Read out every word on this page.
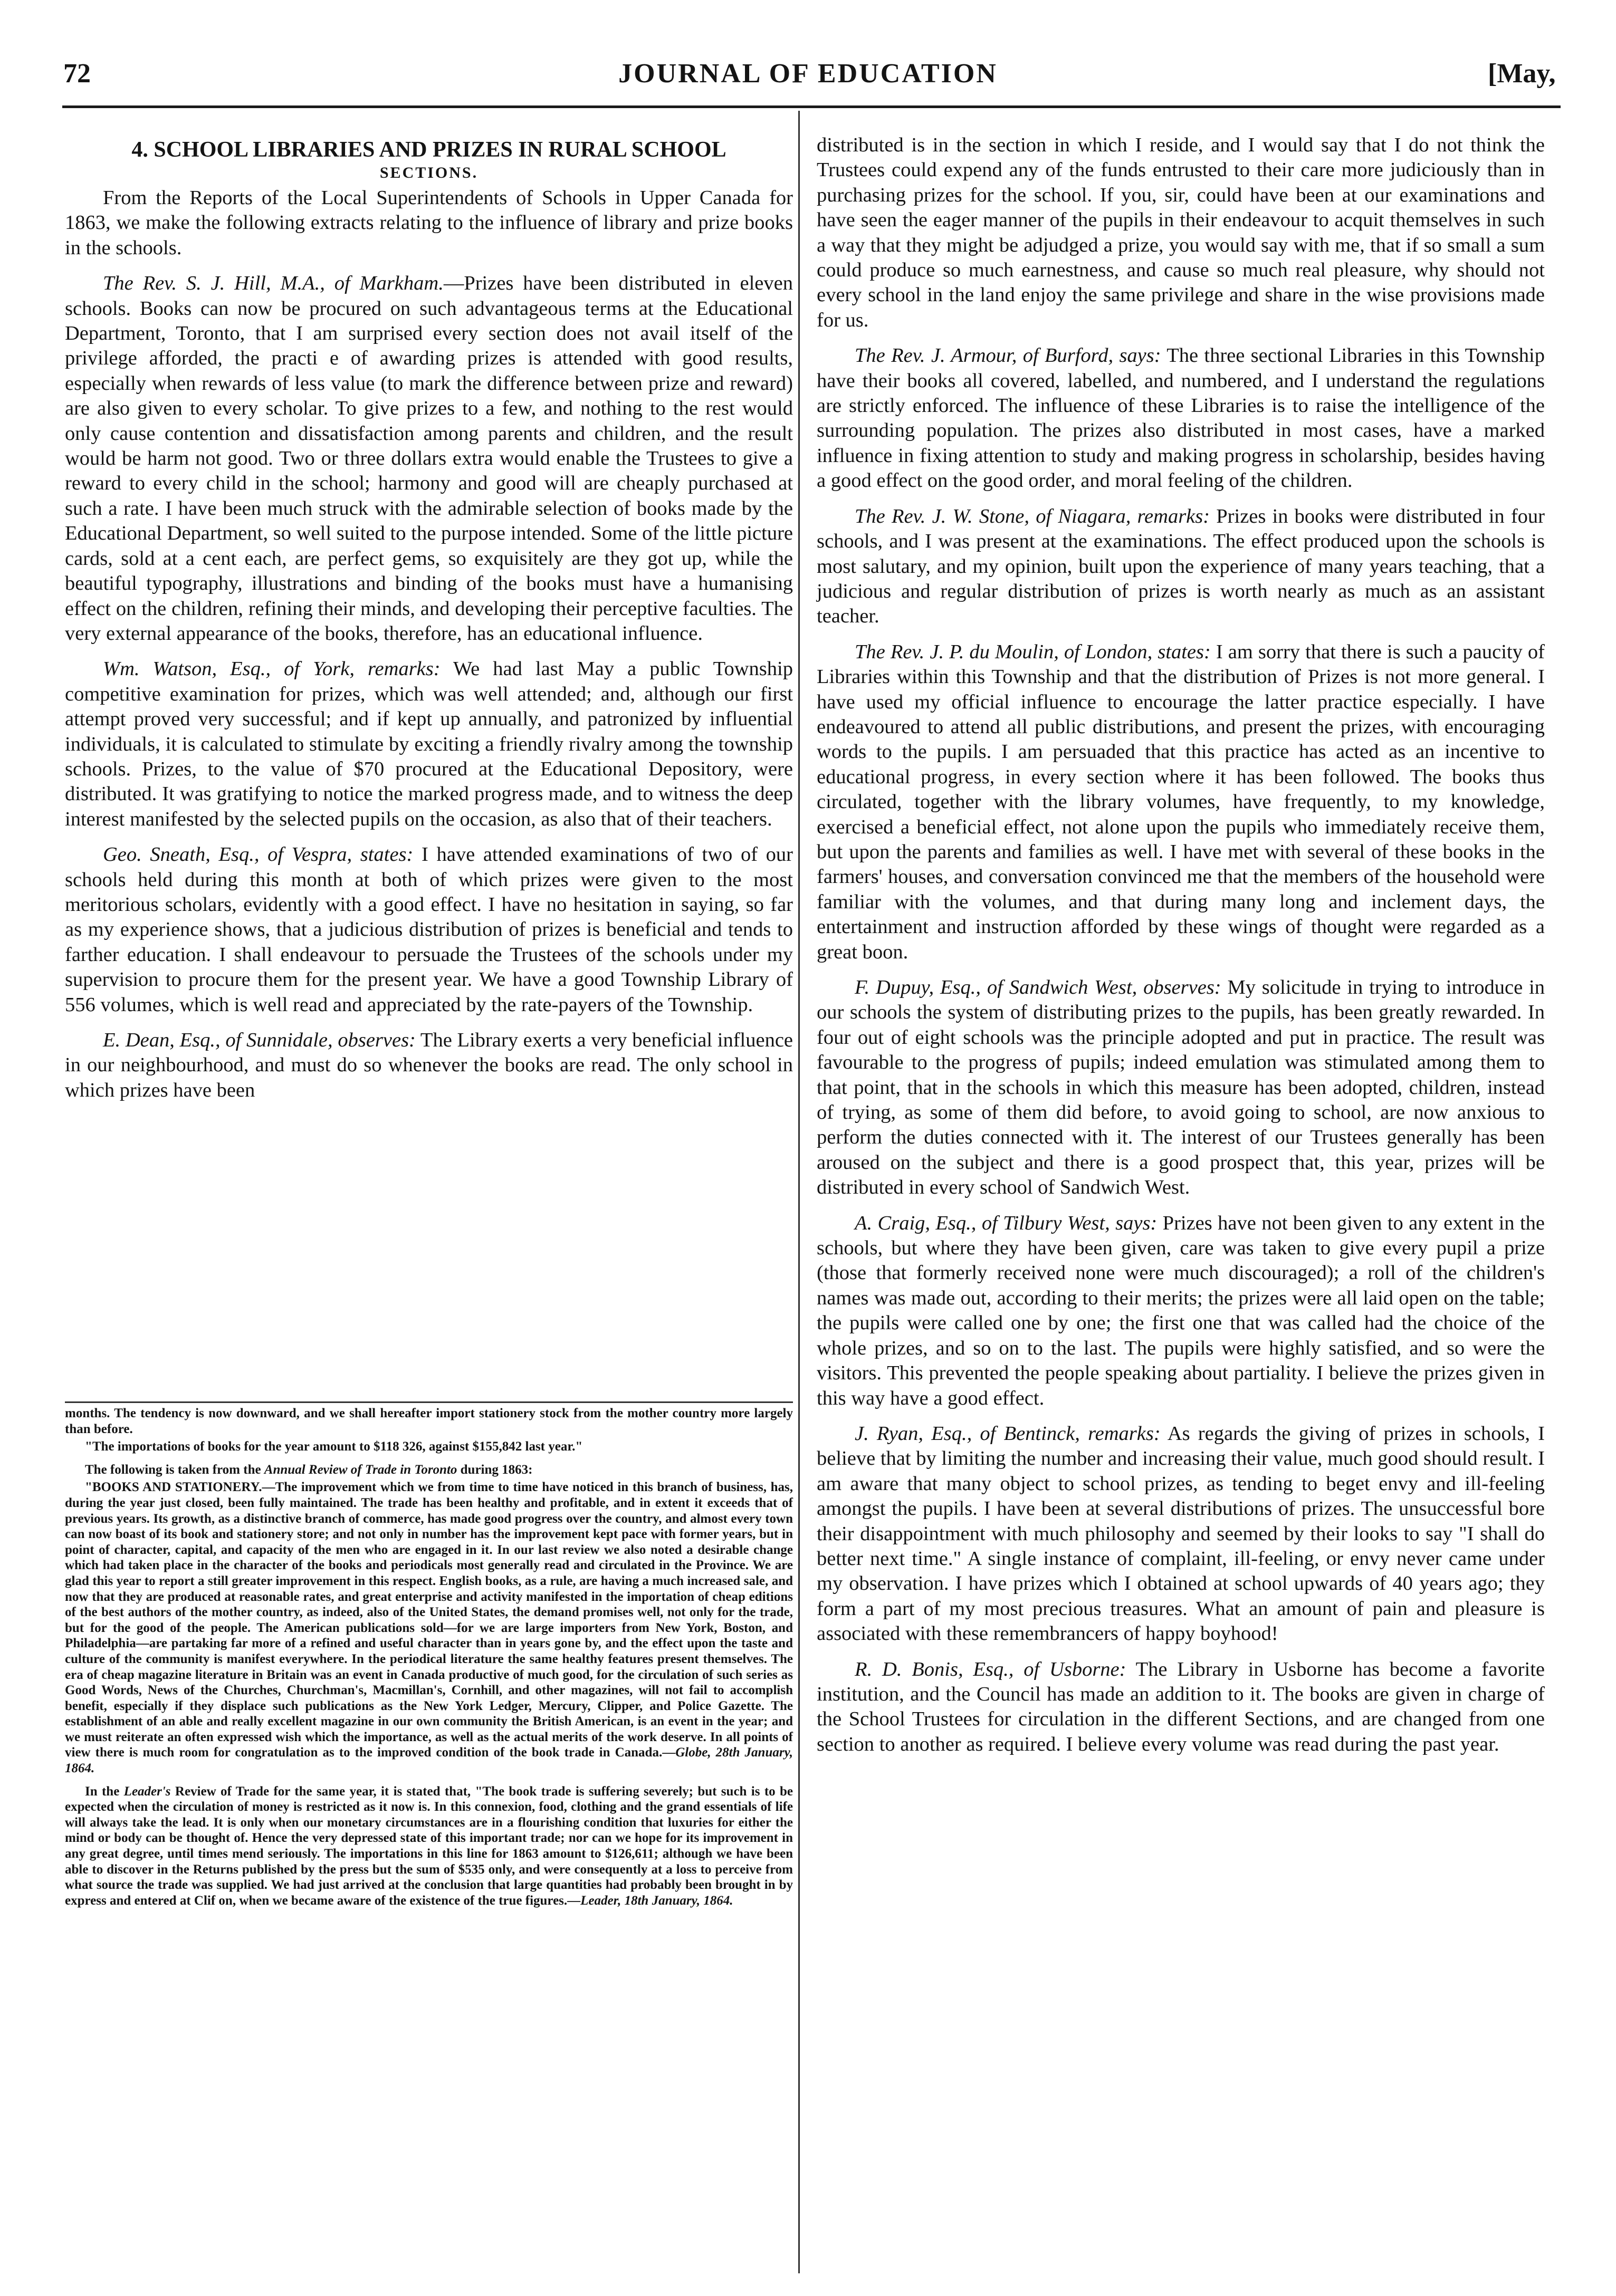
72	JOURNAL OF EDUCATION	[May,
4. SCHOOL LIBRARIES AND PRIZES IN RURAL SCHOOL
SECTIONS.

From the Reports of the Local Superintendents of Schools in Upper Canada for 1863, we make the following extracts relating to the influence of library and prize books in the schools.

The Rev. S. J. Hill, M.A., of Markham.—Prizes have been distributed in eleven schools. Books can now be procured on such advantageous terms at the Educational Department, Toronto, that I am surprised every section does not avail itself of the privilege afforded, the practi e of awarding prizes is attended with good results, especially when rewards of less value (to mark the difference between prize and reward) are also given to every scholar. To give prizes to a few, and nothing to the rest would only cause contention and dissatisfaction among parents and children, and the result would be harm not good. Two or three dollars extra would enable the Trustees to give a reward to every child in the school; harmony and good will are cheaply purchased at such a rate. I have been much struck with the admirable selection of books made by the Educational Department, so well suited to the purpose intended. Some of the little picture cards, sold at a cent each, are perfect gems, so exquisitely are they got up, while the beautiful typography, illustrations and binding of the books must have a humanising effect on the children, refining their minds, and developing their perceptive faculties. The very external appearance of the books, therefore, has an educational influence.

Wm. Watson, Esq., of York, remarks: We had last May a public Township competitive examination for prizes, which was well attended; and, although our first attempt proved very successful; and if kept up annually, and patronized by influential individuals, it is calculated to stimulate by exciting a friendly rivalry among the township schools. Prizes, to the value of $70 procured at the Educational Depository, were distributed. It was gratifying to notice the marked progress made, and to witness the deep interest manifested by the selected pupils on the occasion, as also that of their teachers.

Geo. Sneath, Esq., of Vespra, states: I have attended examinations of two of our schools held during this month at both of which prizes were given to the most meritorious scholars, evidently with a good effect. I have no hesitation in saying, so far as my experience shows, that a judicious distribution of prizes is beneficial and tends to farther education. I shall endeavour to persuade the Trustees of the schools under my supervision to procure them for the present year. We have a good Township Library of 556 volumes, which is well read and appreciated by the rate-payers of the Township.

E. Dean, Esq., of Sunnidale, observes: The Library exerts a very beneficial influence in our neighbourhood, and must do so whenever the books are read. The only school in which prizes have been

months. The tendency is now downward, and we shall hereafter import stationery stock from the mother country more largely than before.

"The importations of books for the year amount to $118 326, against $155,842 last year."

The following is taken from the Annual Review of Trade in Toronto during 1863:

"BOOKS AND STATIONERY.—The improvement which we from time to time have noticed in this branch of business, has, during the year just closed, been fully maintained. The trade has been healthy and profitable, and in extent it exceeds that of previous years. Its growth, as a distinctive branch of commerce, has made good progress over the country, and almost every town can now boast of its book and stationery store; and not only in number has the improvement kept pace with former years, but in point of character, capital, and capacity of the men who are engaged in it. In our last review we also noted a desirable change which had taken place in the character of the books and periodicals most generally read and circulated in the Province. We are glad this year to report a still greater improvement in this respect. English books, as a rule, are having a much increased sale, and now that they are produced at reasonable rates, and great enterprise and activity manifested in the importation of cheap editions of the best authors of the mother country, as indeed, also of the United States, the demand promises well, not only for the trade, but for the good of the people. The American publications sold—for we are large importers from New York, Boston, and Philadelphia—are partaking far more of a refined and useful character than in years gone by, and the effect upon the taste and culture of the community is manifest everywhere. In the periodical literature the same healthy features present themselves. The era of cheap magazine literature in Britain was an event in Canada productive of much good, for the circulation of such series as Good Words, News of the Churches, Churchman's, Macmillan's, Cornhill, and other magazines, will not fail to accomplish benefit, especially if they displace such publications as the New York Ledger, Mercury, Clipper, and Police Gazette. The establishment of an able and really excellent magazine in our own community the British American, is an event in the year; and we must reiterate an often expressed wish which the importance, as well as the actual merits of the work deserve. In all points of view there is much room for congratulation as to the improved condition of the book trade in Canada.—Globe, 28th January, 1864.

In the Leader's Review of Trade for the same year, it is stated that, "The book trade is suffering severely; but such is to be expected when the circulation of money is restricted as it now is. In this connexion, food, clothing and the grand essentials of life will always take the lead. It is only when our monetary circumstances are in a flourishing condition that luxuries for either the mind or body can be thought of. Hence the very depressed state of this important trade; nor can we hope for its improvement in any great degree, until times mend seriously. The importations in this line for 1863 amount to $126,611; although we have been able to discover in the Returns published by the press but the sum of $535 only, and were consequently at a loss to perceive from what source the trade was supplied. We had just arrived at the conclusion that large quantities had probably been brought in by express and entered at Clif on, when we became aware of the existence of the true figures.—Leader, 18th January, 1864.

distributed is in the section in which I reside, and I would say that I do not think the Trustees could expend any of the funds entrusted to their care more judiciously than in purchasing prizes for the school. If you, sir, could have been at our examinations and have seen the eager manner of the pupils in their endeavour to acquit themselves in such a way that they might be adjudged a prize, you would say with me, that if so small a sum could produce so much earnestness, and cause so much real pleasure, why should not every school in the land enjoy the same privilege and share in the wise provisions made for us.

The Rev. J. Armour, of Burford, says: The three sectional Libraries in this Township have their books all covered, labelled, and numbered, and I understand the regulations are strictly enforced. The influence of these Libraries is to raise the intelligence of the surrounding population. The prizes also distributed in most cases, have a marked influence in fixing attention to study and making progress in scholarship, besides having a good effect on the good order, and moral feeling of the children.

The Rev. J. W. Stone, of Niagara, remarks: Prizes in books were distributed in four schools, and I was present at the examinations. The effect produced upon the schools is most salutary, and my opinion, built upon the experience of many years teaching, that a judicious and regular distribution of prizes is worth nearly as much as an assistant teacher.

The Rev. J. P. du Moulin, of London, states: I am sorry that there is such a paucity of Libraries within this Township and that the distribution of Prizes is not more general. I have used my official influence to encourage the latter practice especially. I have endeavoured to attend all public distributions, and present the prizes, with encouraging words to the pupils. I am persuaded that this practice has acted as an incentive to educational progress, in every section where it has been followed. The books thus circulated, together with the library volumes, have frequently, to my knowledge, exercised a beneficial effect, not alone upon the pupils who immediately receive them, but upon the parents and families as well. I have met with several of these books in the farmers' houses, and conversation convinced me that the members of the household were familiar with the volumes, and that during many long and inclement days, the entertainment and instruction afforded by these wings of thought were regarded as a great boon.

F. Dupuy, Esq., of Sandwich West, observes: My solicitude in trying to introduce in our schools the system of distributing prizes to the pupils, has been greatly rewarded. In four out of eight schools was the principle adopted and put in practice. The result was favourable to the progress of pupils; indeed emulation was stimulated among them to that point, that in the schools in which this measure has been adopted, children, instead of trying, as some of them did before, to avoid going to school, are now anxious to perform the duties connected with it. The interest of our Trustees generally has been aroused on the subject and there is a good prospect that, this year, prizes will be distributed in every school of Sandwich West.

A. Craig, Esq., of Tilbury West, says: Prizes have not been given to any extent in the schools, but where they have been given, care was taken to give every pupil a prize (those that formerly received none were much discouraged); a roll of the children's names was made out, according to their merits; the prizes were all laid open on the table; the pupils were called one by one; the first one that was called had the choice of the whole prizes, and so on to the last. The pupils were highly satisfied, and so were the visitors. This prevented the people speaking about partiality. I believe the prizes given in this way have a good effect.

J. Ryan, Esq., of Bentinck, remarks: As regards the giving of prizes in schools, I believe that by limiting the number and increasing their value, much good should result. I am aware that many object to school prizes, as tending to beget envy and ill-feeling amongst the pupils. I have been at several distributions of prizes. The unsuccessful bore their disappointment with much philosophy and seemed by their looks to say "I shall do better next time." A single instance of complaint, ill-feeling, or envy never came under my observation. I have prizes which I obtained at school upwards of 40 years ago; they form a part of my most precious treasures. What an amount of pain and pleasure is associated with these remembrancers of happy boyhood!

R. D. Bonis, Esq., of Usborne: The Library in Usborne has become a favorite institution, and the Council has made an addition to it. The books are given in charge of the School Trustees for circulation in the different Sections, and are changed from one section to another as required. I believe every volume was read during the past year.
